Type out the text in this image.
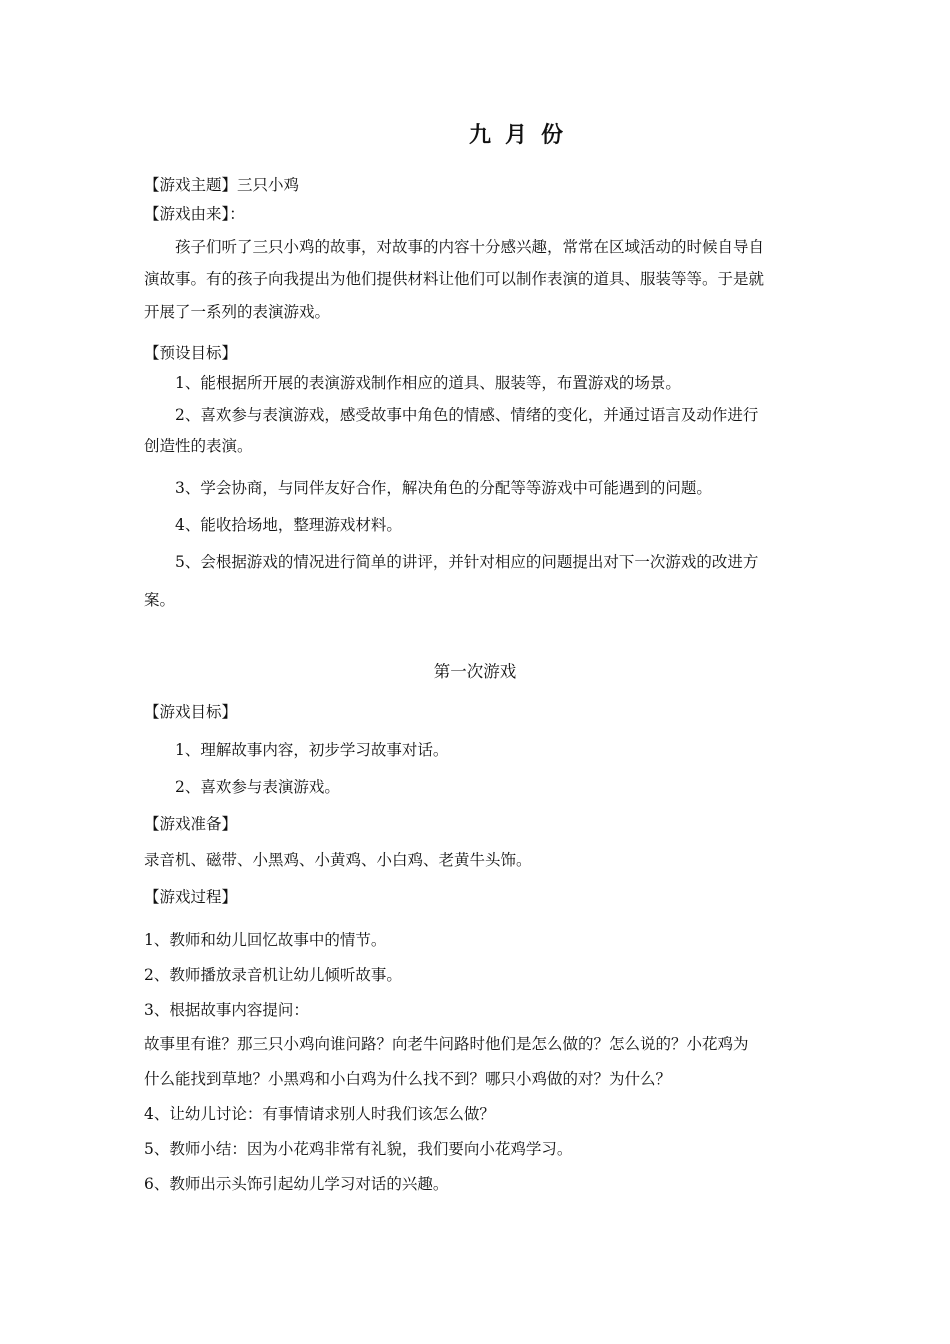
九月份
【游戏主题】三只小鸡
【游戏由来】：
孩子们听了三只小鸡的故事，对故事的内容十分感兴趣，常常在区域活动的时候自导自
演故事。有的孩子向我提出为他们提供材料让他们可以制作表演的道具、服装等等。于是就
开展了一系列的表演游戏。
【预设目标】
1、能根据所开展的表演游戏制作相应的道具、服装等，布置游戏的场景。
2、喜欢参与表演游戏，感受故事中角色的情感、情绪的变化，并通过语言及动作进行
创造性的表演。
3、学会协商，与同伴友好合作，解决角色的分配等等游戏中可能遇到的问题。
4、能收拾场地，整理游戏材料。
5、会根据游戏的情况进行简单的讲评，并针对相应的问题提出对下一次游戏的改进方
案。
第一次游戏
【游戏目标】
1、理解故事内容，初步学习故事对话。
2、喜欢参与表演游戏。
【游戏准备】
录音机、磁带、小黑鸡、小黄鸡、小白鸡、老黄牛头饰。
【游戏过程】
1、教师和幼儿回忆故事中的情节。
2、教师播放录音机让幼儿倾听故事。
3、根据故事内容提问：
故事里有谁？那三只小鸡向谁问路？向老牛问路时他们是怎么做的？怎么说的？小花鸡为
什么能找到草地？小黑鸡和小白鸡为什么找不到？哪只小鸡做的对？为什么？
4、让幼儿讨论：有事情请求别人时我们该怎么做？
5、教师小结：因为小花鸡非常有礼貌，我们要向小花鸡学习。
6、教师出示头饰引起幼儿学习对话的兴趣。
